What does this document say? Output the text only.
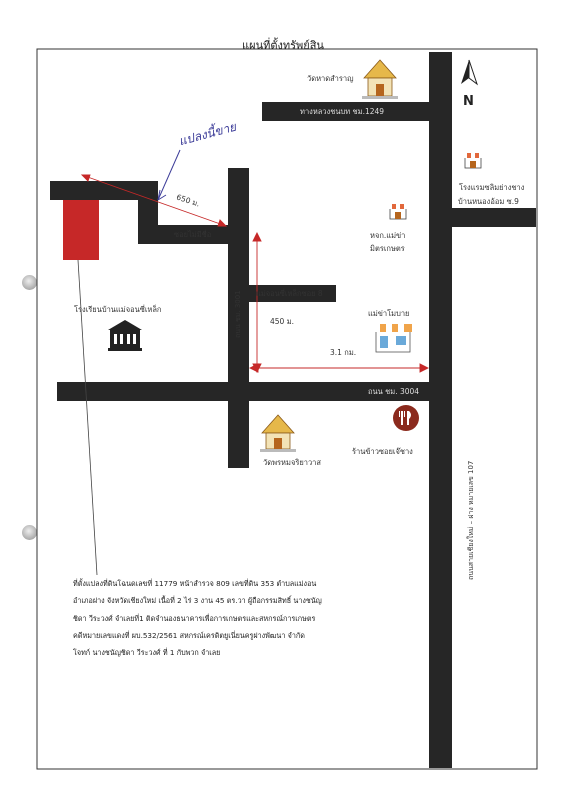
แผนที่ตั้งทรัพย์สิน
แปลงนี้ขาย
N
ทางหลวงชนบท ชม.1249
บ้านหนองอ้อม ซ.9
ซอยไม่มีชื่อ
แม่จอนซี่เหล็กซอย 8
ถนน ชม. 3004
ถนน ชม. 3001
ถนนสายเชียงใหม่ – ฝาง หมายเลข 107
วัดหาดสำราญ
โรงแรมซลิมย่างชาง
หจก.แม่ข่า
มิตรเกษตร
แม่ข่าโมบาย
โรงเรียนบ้านแม่จอนซี่เหล็ก
วัดพรหมจริยาวาส
ร้านข้าวซอยเจ๊ชาง
650 ม.
450 ม.
3.1 กม.
ที่ตั้งแปลงที่ดินโฉนดเลขที่ 11779 หน้าสำรวจ 809 เลขที่ดิน 353 ตำบลแม่งอน
อำเภอฝาง จังหวัดเชียงใหม่ เนื้อที่ 2 ไร่ 3 งาน 45 ตร.วา ผู้ถือกรรมสิทธิ์ นางชนัญ
ชิดา วีระวงศ์ จำเลยที่1 ติดจำนองธนาคารเพื่อการเกษตรและสหกรณ์การเกษตร
คดีหมายเลขแดงที่ ผบ.532/2561 สหกรณ์เครดิตยูเนี่ยนครูฝางพัฒนา จำกัด
โจทก์ นางชนัญชิดา วีระวงศ์ ที่ 1 กับพวก จำเลย
